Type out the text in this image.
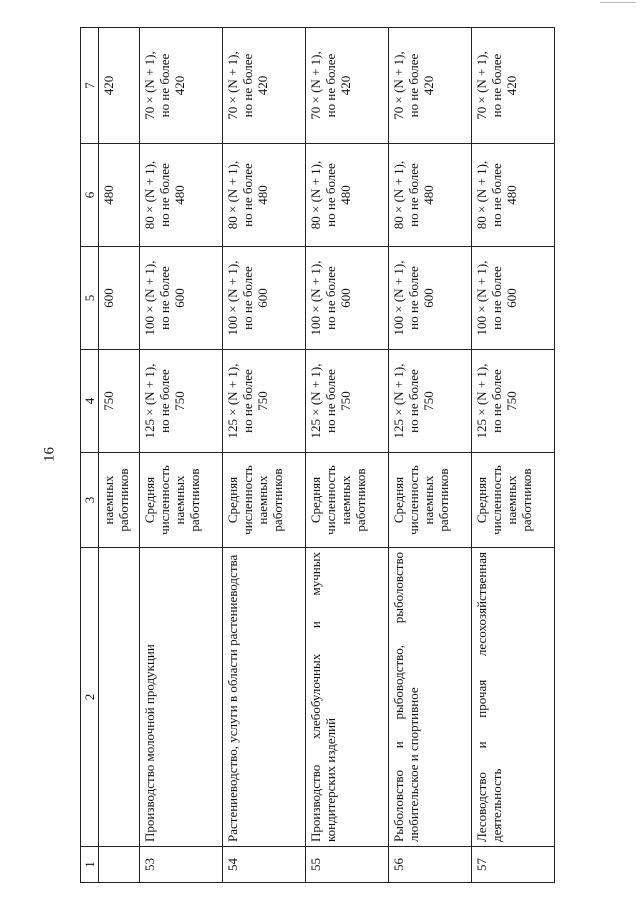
16
1	2	3	4	5	6	7
		наемных
работников	750	600	480	420
53	Производство молочной продукции	Средняя
численность
наемных
работников	125 × (N + 1),
но не более
750	100 × (N + 1),
но не более
600	80 × (N + 1),
но не более
480	70 × (N + 1),
но не более
420
54	Растениеводство, услуги в области растениеводства	Средняя
численность
наемных
работников	125 × (N + 1),
но не более
750	100 × (N + 1),
но не более
600	80 × (N + 1),
но не более
480	70 × (N + 1),
но не более
420
55	Производство хлебобулочных и мучных кондитерских изделий	Средняя
численность
наемных
работников	125 × (N + 1),
но не более
750	100 × (N + 1),
но не более
600	80 × (N + 1),
но не более
480	70 × (N + 1),
но не более
420
56	Рыболовство и рыбоводство, рыболовство любительское и спортивное	Средняя
численность
наемных
работников	125 × (N + 1),
но не более
750	100 × (N + 1),
но не более
600	80 × (N + 1),
но не более
480	70 × (N + 1),
но не более
420
57	Лесоводство и прочая лесохозяйственная деятельность	Средняя
численность
наемных
работников	125 × (N + 1),
но не более
750	100 × (N + 1),
но не более
600	80 × (N + 1),
но не более
480	70 × (N + 1),
но не более
420
